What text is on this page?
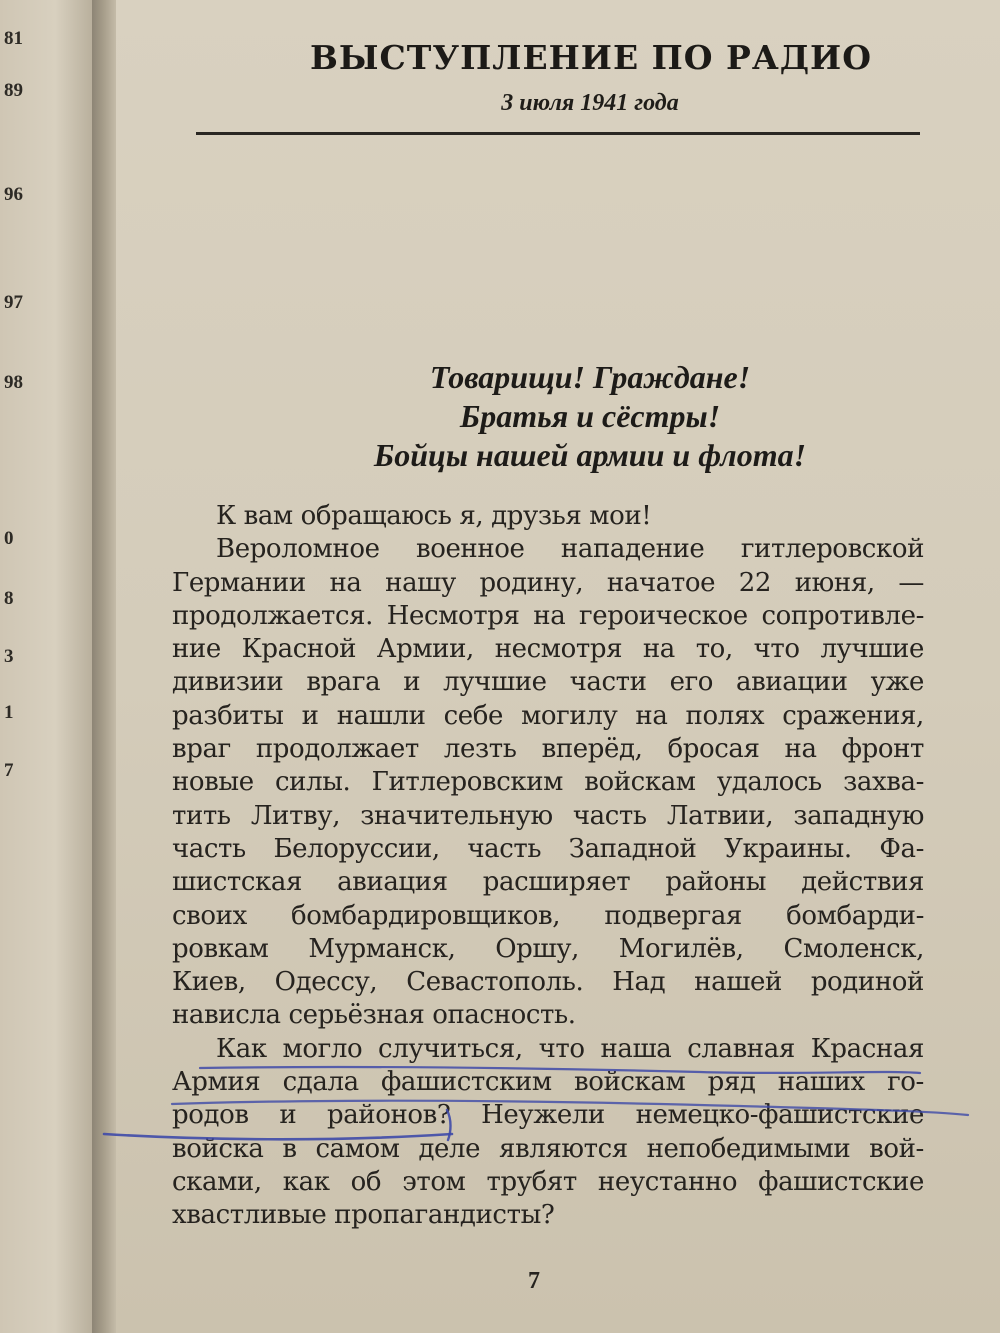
81
89
96
97
98
0
8
3
1
7
ВЫСТУПЛЕНИЕ ПО РАДИО
3 июля 1941 года
Товарищи! Граждане!
Братья и сёстры!
Бойцы нашей армии и флота!
К вам обращаюсь я, друзья мои!
Вероломное военное нападение гитлеровской
Германии на нашу родину, начатое 22 июня, —
продолжается. Несмотря на героическое сопротивле-
ние Красной Армии, несмотря на то, что лучшие
дивизии врага и лучшие части его авиации уже
разбиты и нашли себе могилу на полях сражения,
враг продолжает лезть вперёд, бросая на фронт
новые силы. Гитлеровским войскам удалось захва-
тить Литву, значительную часть Латвии, западную
часть Белоруссии, часть Западной Украины. Фа-
шистская авиация расширяет районы действия
своих бомбардировщиков, подвергая бомбарди-
ровкам Мурманск, Оршу, Могилёв, Смоленск,
Киев, Одессу, Севастополь. Над нашей родиной
нависла серьёзная опасность.
Как могло случиться, что наша славная Красная
Армия сдала фашистским войскам ряд наших го-
родов и районов? Неужели немецко-фашистские
войска в самом деле являются непобедимыми вой-
сками, как об этом трубят неустанно фашистские
хвастливые пропагандисты?
7
